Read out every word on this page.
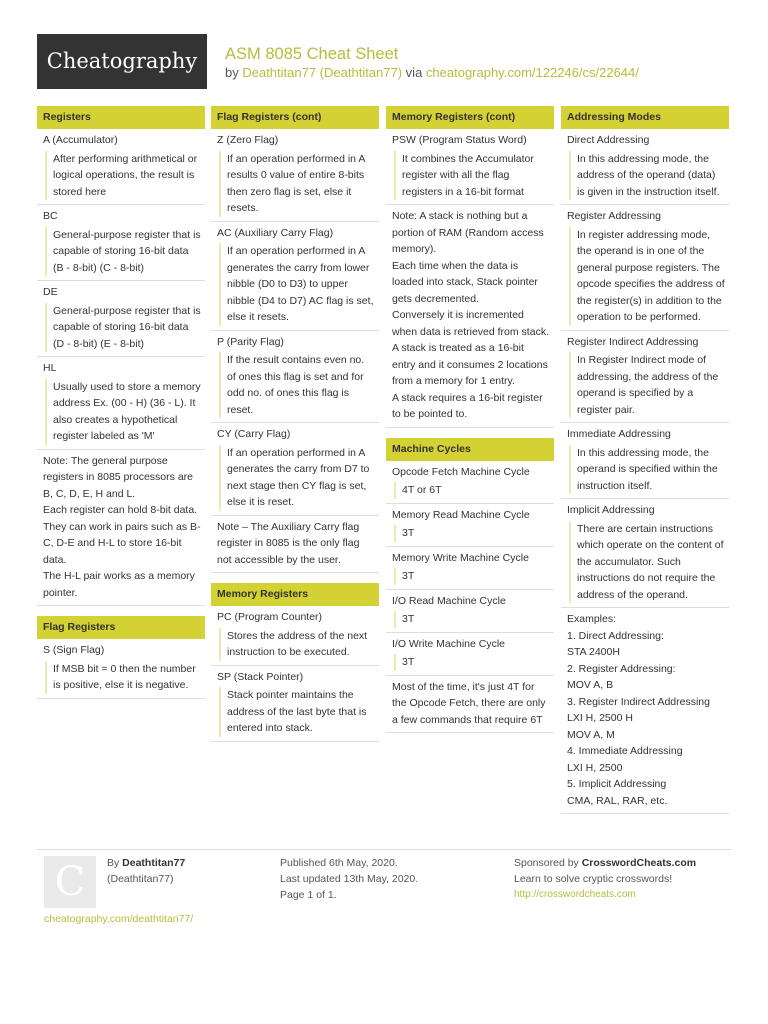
Cheatography	ASM 8085 Cheat Sheet
by Deathtitan77 (Deathtitan77) via cheatography.com/122246/cs/22644/
Registers
A (Accumulator)
After performing arithmetical or logical operations, the result is stored here
BC
General-purpose register that is capable of storing 16-bit data (B - 8-bit) (C - 8-bit)
DE
General-purpose register that is capable of storing 16-bit data (D - 8-bit) (E - 8-bit)
HL
Usually used to store a memory address Ex. (00 - H) (36 - L). It also creates a hypothetical register labeled as 'M'
Note: The general purpose registers in 8085 processors are B, C, D, E, H and L.
Each register can hold 8-bit data.
They can work in pairs such as B-C, D-E and H-L to store 16-bit data.
The H-L pair works as a memory pointer.
Flag Registers
S (Sign Flag)
If MSB bit = 0 then the number is positive, else it is negative.
Flag Registers (cont)
Z (Zero Flag)
If an operation performed in A results 0 value of entire 8-bits then zero flag is set, else it resets.
AC (Auxiliary Carry Flag)
If an operation performed in A generates the carry from lower nibble (D0 to D3) to upper nibble (D4 to D7) AC flag is set, else it resets.
P (Parity Flag)
If the result contains even no. of ones this flag is set and for odd no. of ones this flag is reset.
CY (Carry Flag)
If an operation performed in A generates the carry from D7 to next stage then CY flag is set, else it is reset.
Note – The Auxiliary Carry flag register in 8085 is the only flag not accessible by the user.
Memory Registers
PC (Program Counter)
Stores the address of the next instruction to be executed.
SP (Stack Pointer)
Stack pointer maintains the address of the last byte that is entered into stack.
Memory Registers (cont)
PSW (Program Status Word)
It combines the Accumulator register with all the flag registers in a 16-bit format
Note: A stack is nothing but a portion of RAM (Random access memory).
Each time when the data is loaded into stack, Stack pointer gets decremented.
Conversely it is incremented when data is retrieved from stack.
A stack is treated as a 16-bit entry and it consumes 2 locations from a memory for 1 entry.
A stack requires a 16-bit register to be pointed to.
Machine Cycles
Opcode Fetch Machine Cycle
4T or 6T
Memory Read Machine Cycle
3T
Memory Write Machine Cycle
3T
I/O Read Machine Cycle
3T
I/O Write Machine Cycle
3T
Most of the time, it's just 4T for the Opcode Fetch, there are only a few commands that require 6T
Addressing Modes
Direct Addressing
In this addressing mode, the address of the operand (data) is given in the instruction itself.
Register Addressing
In register addressing mode, the operand is in one of the general purpose registers. The opcode specifies the address of the register(s) in addition to the operation to be performed.
Register Indirect Addressing
In Register Indirect mode of addressing, the address of the operand is specified by a register pair.
Immediate Addressing
In this addressing mode, the operand is specified within the instruction itself.
Implicit Addressing
There are certain instructions which operate on the content of the accumulator. Such instructions do not require the address of the operand.
Examples:
1. Direct Addressing:
STA 2400H
2. Register Addressing:
MOV A, B
3. Register Indirect Addressing
LXI H, 2500 H
MOV A, M
4. Immediate Addressing
LXI H, 2500
5. Implicit Addressing
CMA, RAL, RAR, etc.
C	By Deathtitan77
(Deathtitan77)
cheatography.com/deathtitan77/
Published 6th May, 2020.
Last updated 13th May, 2020.
Page 1 of 1.
Sponsored by CrosswordCheats.com
Learn to solve cryptic crosswords!
http://crosswordcheats.com
